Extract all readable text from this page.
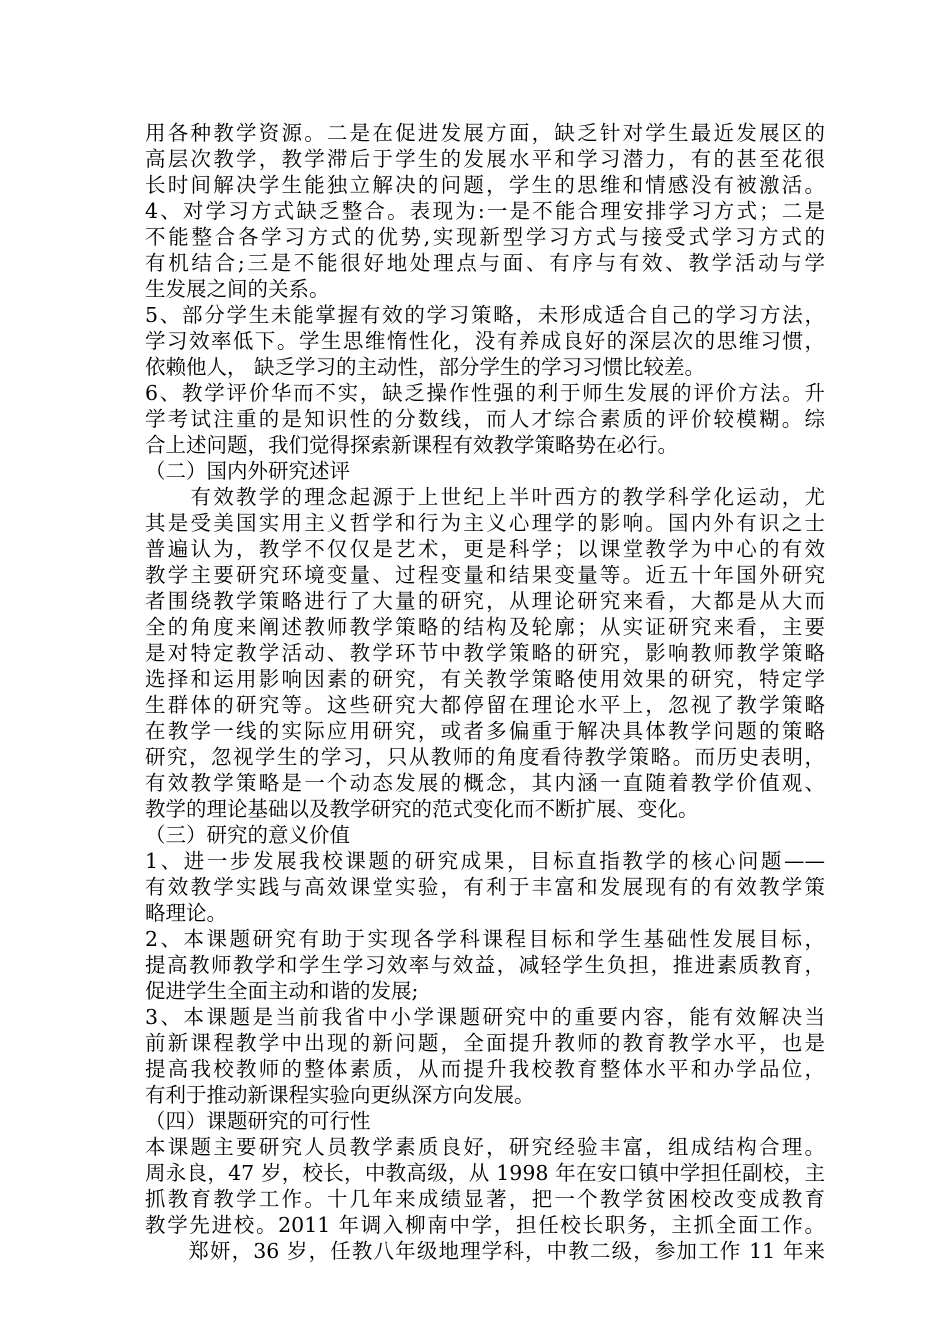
用各种教学资源。二是在促进发展方面，缺乏针对学生最近发展区的
高层次教学，教学滞后于学生的发展水平和学习潜力，有的甚至花很
长时间解决学生能独立解决的问题，学生的思维和情感没有被激活。
4、对学习方式缺乏整合。表现为:一是不能合理安排学习方式；二是
不能整合各学习方式的优势,实现新型学习方式与接受式学习方式的
有机结合;三是不能很好地处理点与面、有序与有效、教学活动与学
生发展之间的关系。
5、部分学生未能掌握有效的学习策略，未形成适合自己的学习方法，
学习效率低下。学生思维惰性化，没有养成良好的深层次的思维习惯，
依赖他人， 缺乏学习的主动性，部分学生的学习习惯比较差。
6、教学评价华而不实，缺乏操作性强的利于师生发展的评价方法。升
学考试注重的是知识性的分数线，而人才综合素质的评价较模糊。综
合上述问题，我们觉得探索新课程有效教学策略势在必行。
（二）国内外研究述评
　　有效教学的理念起源于上世纪上半叶西方的教学科学化运动，尤
其是受美国实用主义哲学和行为主义心理学的影响。国内外有识之士
普遍认为，教学不仅仅是艺术，更是科学；以课堂教学为中心的有效
教学主要研究环境变量、过程变量和结果变量等。近五十年国外研究
者围绕教学策略进行了大量的研究，从理论研究来看，大都是从大而
全的角度来阐述教师教学策略的结构及轮廓；从实证研究来看，主要
是对特定教学活动、教学环节中教学策略的研究，影响教师教学策略
选择和运用影响因素的研究，有关教学策略使用效果的研究，特定学
生群体的研究等。这些研究大都停留在理论水平上，忽视了教学策略
在教学一线的实际应用研究，或者多偏重于解决具体教学问题的策略
研究，忽视学生的学习，只从教师的角度看待教学策略。而历史表明，
有效教学策略是一个动态发展的概念，其内涵一直随着教学价值观、
教学的理论基础以及教学研究的范式变化而不断扩展、变化。
（三）研究的意义价值
1、进一步发展我校课题的研究成果，目标直指教学的核心问题——
有效教学实践与高效课堂实验，有利于丰富和发展现有的有效教学策
略理论。
2、本课题研究有助于实现各学科课程目标和学生基础性发展目标，
提高教师教学和学生学习效率与效益，减轻学生负担，推进素质教育，
促进学生全面主动和谐的发展;
3、本课题是当前我省中小学课题研究中的重要内容，能有效解决当
前新课程教学中出现的新问题，全面提升教师的教育教学水平，也是
提高我校教师的整体素质，从而提升我校教育整体水平和办学品位，
有利于推动新课程实验向更纵深方向发展。
（四）课题研究的可行性
本课题主要研究人员教学素质良好，研究经验丰富，组成结构合理。
周永良，47 岁，校长，中教高级，从 1998 年在安口镇中学担任副校，主
抓教育教学工作。十几年来成绩显著，把一个教学贫困校改变成教育
教学先进校。2011 年调入柳南中学，担任校长职务，主抓全面工作。
　　郑妍，36 岁，任教八年级地理学科，中教二级，参加工作 11 年来
